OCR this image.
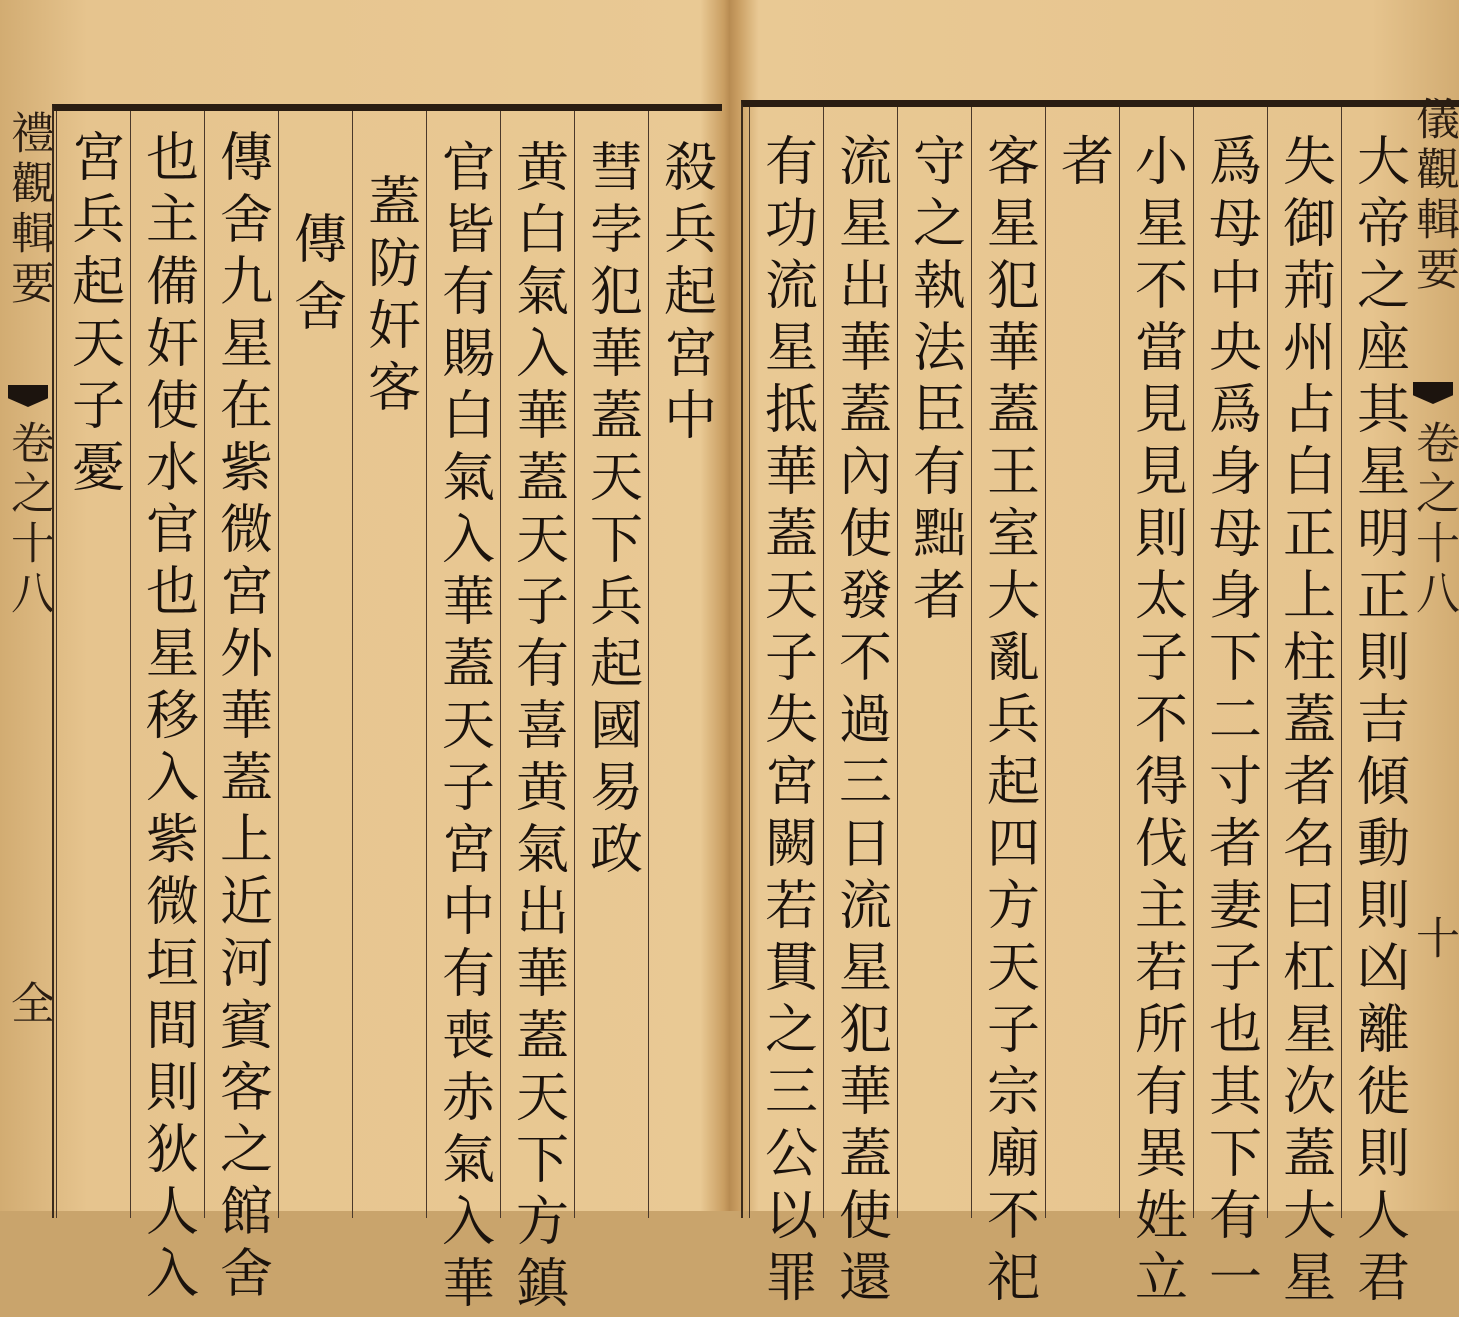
禮觀輯要
卷之十八
全
殺兵起宮中
彗孛犯華蓋天下兵起國易政
黄白氣入華蓋天子有喜黄氣出華蓋天下方鎮
官皆有賜白氣入華蓋天子宮中有喪赤氣入華
蓋防奸客
傳舍
傳舍九星在紫微宮外華蓋上近河賓客之館舍
也主備奸使水官也星移入紫微垣間則狄人入
宮兵起天子憂	大帝之座其星明正則吉傾動則凶離徙則人君
失御荊州占白正上柱蓋者名曰杠星次蓋大星
爲母中央爲身母身下二寸者妻子也其下有一
小星不當見見則太子不得伐主若所有異姓立
者
客星犯華蓋王室大亂兵起四方天子宗廟不祀
守之執法臣有黜者
流星出華蓋內使發不過三日流星犯華蓋使還
有功流星抵華蓋天子失宮闕若貫之三公以罪	儀觀輯要
卷之十八
十
